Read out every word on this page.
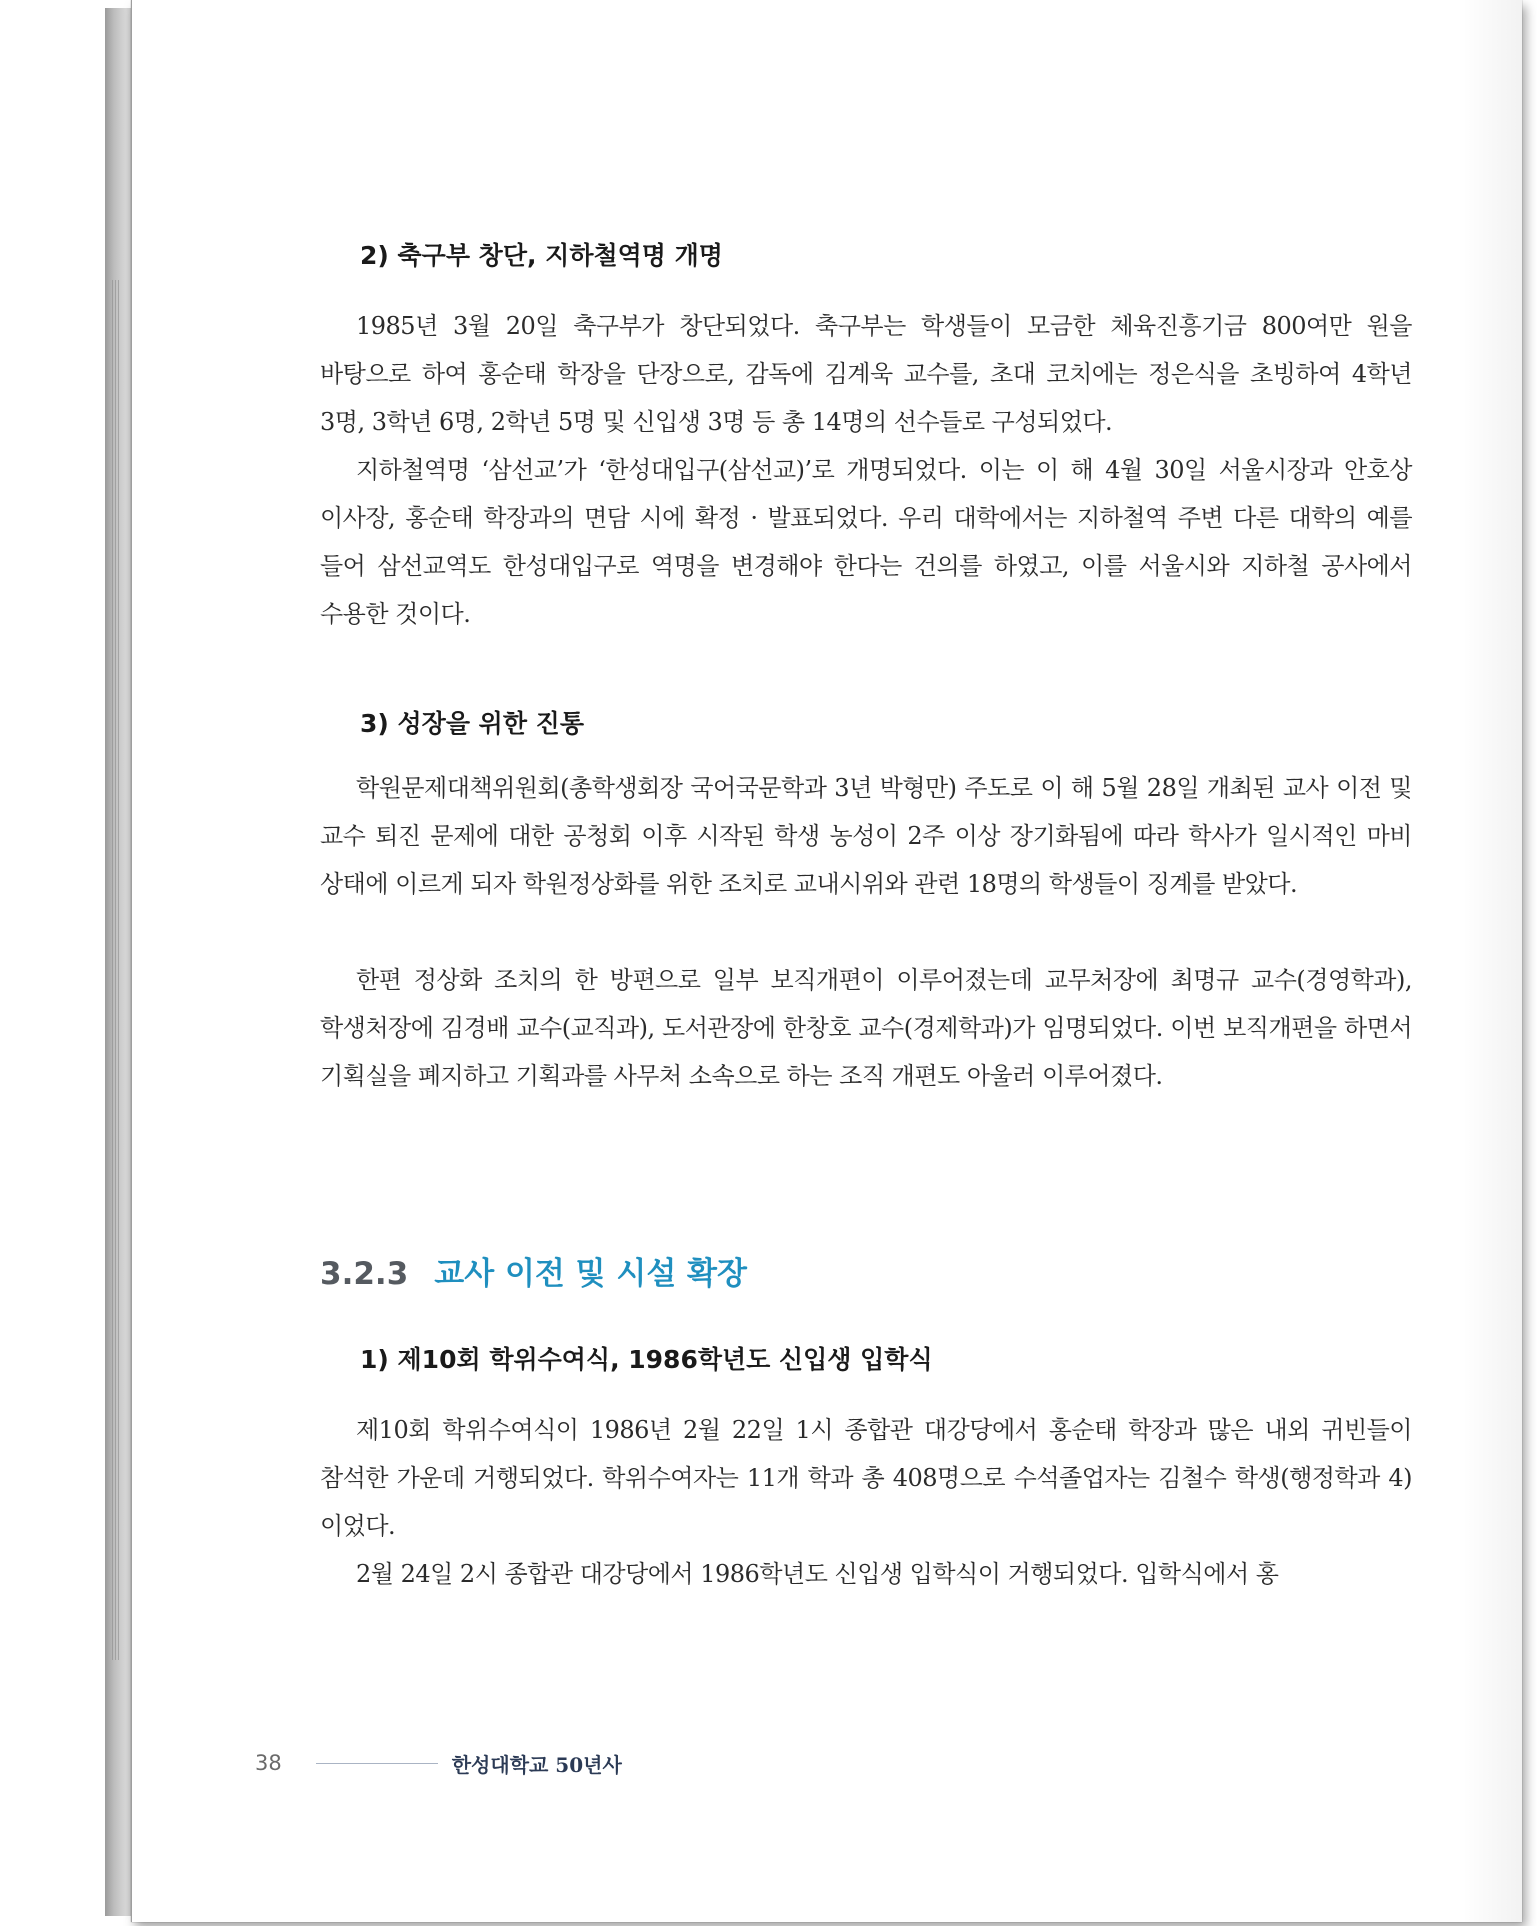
2) 축구부 창단, 지하철역명 개명

1985년 3월 20일 축구부가 창단되었다. 축구부는 학생들이 모금한 체육진흥기금 800여만 원을 바탕으로 하여 홍순태 학장을 단장으로, 감독에 김계욱 교수를, 초대 코치에는 정은식을 초빙하여 4학년 3명, 3학년 6명, 2학년 5명 및 신입생 3명 등 총 14명의 선수들로 구성되었다.

지하철역명 ‘삼선교’가 ‘한성대입구(삼선교)’로 개명되었다. 이는 이 해 4월 30일 서울시장과 안호상 이사장, 홍순태 학장과의 면담 시에 확정 · 발표되었다. 우리 대학에서는 지하철역 주변 다른 대학의 예를 들어 삼선교역도 한성대입구로 역명을 변경해야 한다는 건의를 하였고, 이를 서울시와 지하철 공사에서 수용한 것이다.

3) 성장을 위한 진통

학원문제대책위원회(총학생회장 국어국문학과 3년 박형만) 주도로 이 해 5월 28일 개최된 교사 이전 및 교수 퇴진 문제에 대한 공청회 이후 시작된 학생 농성이 2주 이상 장기화됨에 따라 학사가 일시적인 마비 상태에 이르게 되자 학원정상화를 위한 조치로 교내시위와 관련 18명의 학생들이 징계를 받았다.

한편 정상화 조치의 한 방편으로 일부 보직개편이 이루어졌는데 교무처장에 최명규 교수(경영학과), 학생처장에 김경배 교수(교직과), 도서관장에 한창호 교수(경제학과)가 임명되었다. 이번 보직개편을 하면서 기획실을 폐지하고 기획과를 사무처 소속으로 하는 조직 개편도 아울러 이루어졌다.

3.2.3 교사 이전 및 시설 확장
1) 제10회 학위수여식, 1986학년도 신입생 입학식

제10회 학위수여식이 1986년 2월 22일 1시 종합관 대강당에서 홍순태 학장과 많은 내외 귀빈들이 참석한 가운데 거행되었다. 학위수여자는 11개 학과 총 408명으로 수석졸업자는 김철수 학생(행정학과 4)이었다.

2월 24일 2시 종합관 대강당에서 1986학년도 신입생 입학식이 거행되었다. 입학식에서 홍

38	한성대학교 50년사
